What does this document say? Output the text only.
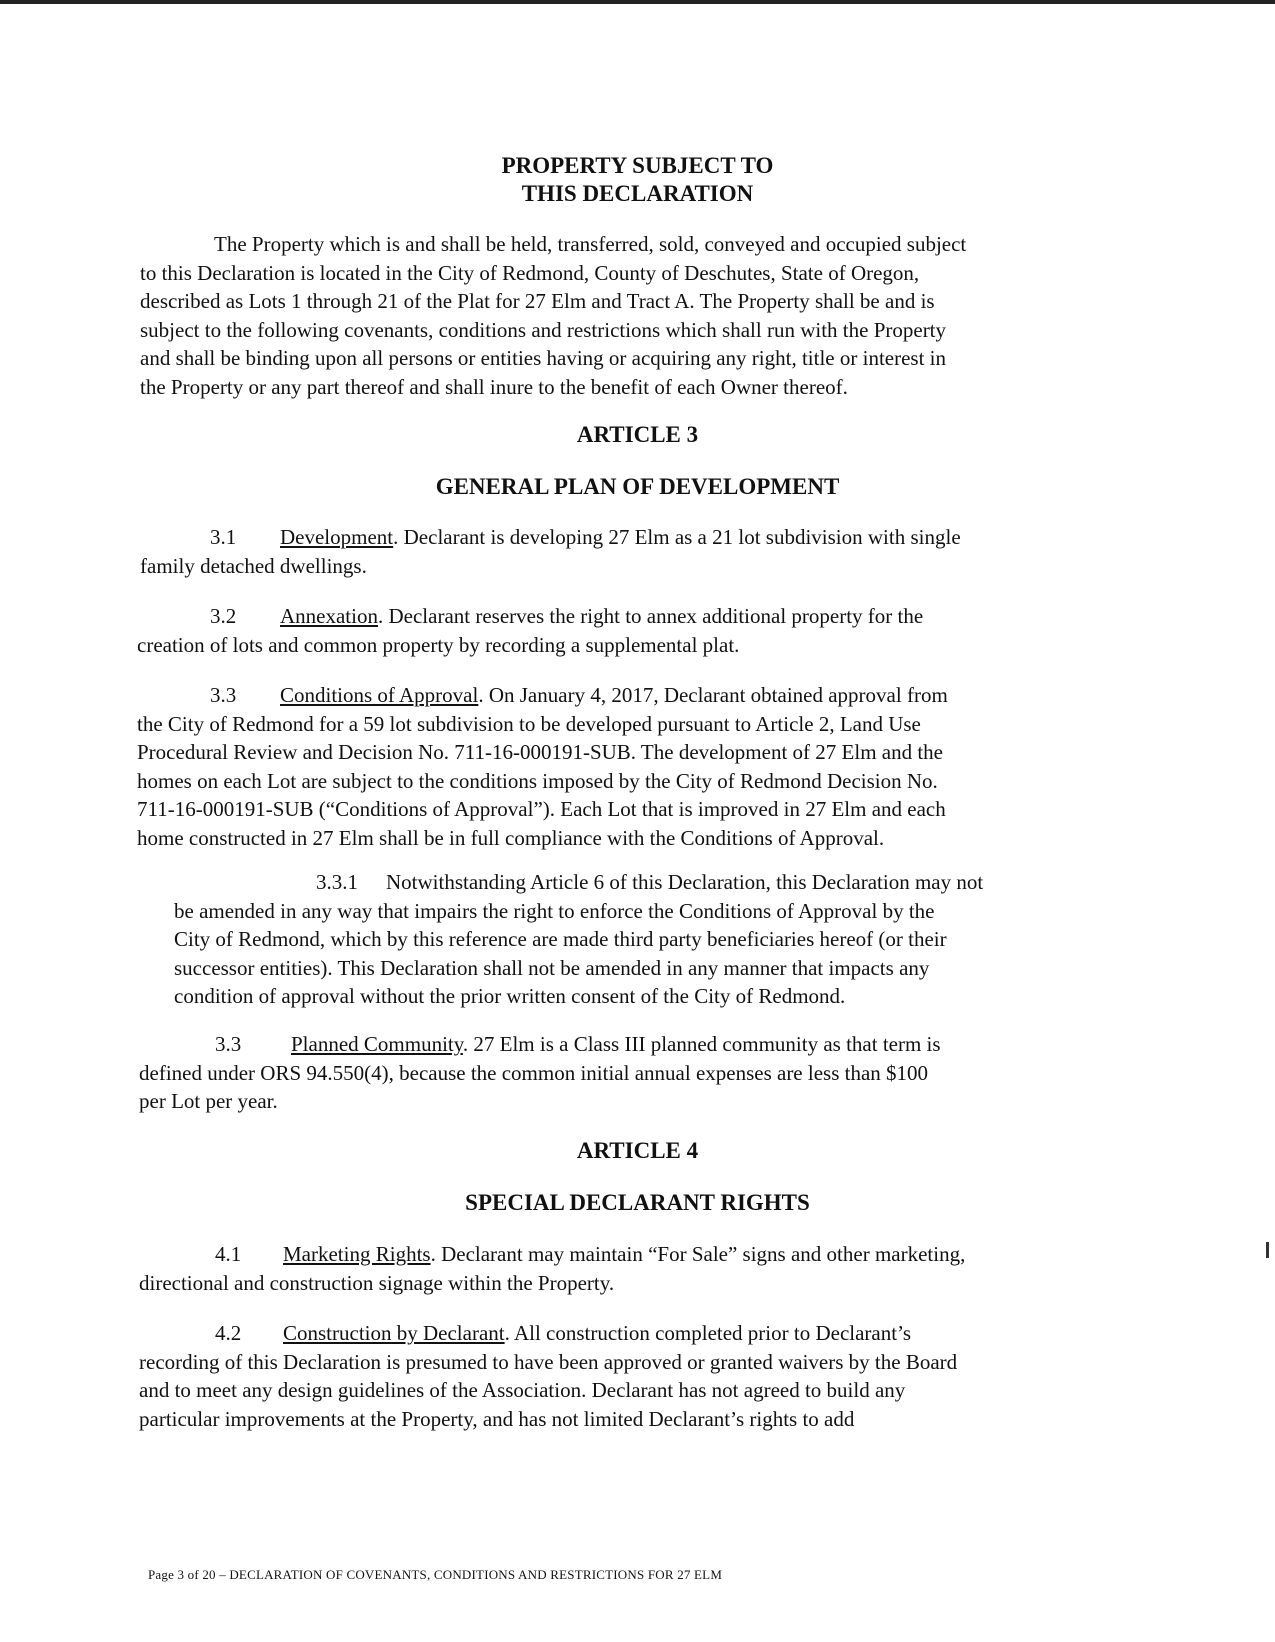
PROPERTY SUBJECT TO
THIS DECLARATION
The Property which is and shall be held, transferred, sold, conveyed and occupied subject
to this Declaration is located in the City of Redmond, County of Deschutes, State of Oregon,
described as Lots 1 through 21 of the Plat for 27 Elm and Tract A. The Property shall be and is
subject to the following covenants, conditions and restrictions which shall run with the Property
and shall be binding upon all persons or entities having or acquiring any right, title or interest in
the Property or any part thereof and shall inure to the benefit of each Owner thereof.
ARTICLE 3
GENERAL PLAN OF DEVELOPMENT
3.1 Development. Declarant is developing 27 Elm as a 21 lot subdivision with single
family detached dwellings.
3.2 Annexation. Declarant reserves the right to annex additional property for the
creation of lots and common property by recording a supplemental plat.
3.3 Conditions of Approval. On January 4, 2017, Declarant obtained approval from
the City of Redmond for a 59 lot subdivision to be developed pursuant to Article 2, Land Use
Procedural Review and Decision No. 711-16-000191-SUB. The development of 27 Elm and the
homes on each Lot are subject to the conditions imposed by the City of Redmond Decision No.
711-16-000191-SUB (“Conditions of Approval”). Each Lot that is improved in 27 Elm and each
home constructed in 27 Elm shall be in full compliance with the Conditions of Approval.
3.3.1 Notwithstanding Article 6 of this Declaration, this Declaration may not
be amended in any way that impairs the right to enforce the Conditions of Approval by the
City of Redmond, which by this reference are made third party beneficiaries hereof (or their
successor entities). This Declaration shall not be amended in any manner that impacts any
condition of approval without the prior written consent of the City of Redmond.
3.3 Planned Community. 27 Elm is a Class III planned community as that term is
defined under ORS 94.550(4), because the common initial annual expenses are less than $100
per Lot per year.
ARTICLE 4
SPECIAL DECLARANT RIGHTS
4.1 Marketing Rights. Declarant may maintain “For Sale” signs and other marketing,
directional and construction signage within the Property.
4.2 Construction by Declarant. All construction completed prior to Declarant’s
recording of this Declaration is presumed to have been approved or granted waivers by the Board
and to meet any design guidelines of the Association. Declarant has not agreed to build any
particular improvements at the Property, and has not limited Declarant’s rights to add
Page 3 of 20 – DECLARATION OF COVENANTS, CONDITIONS AND RESTRICTIONS FOR 27 ELM
